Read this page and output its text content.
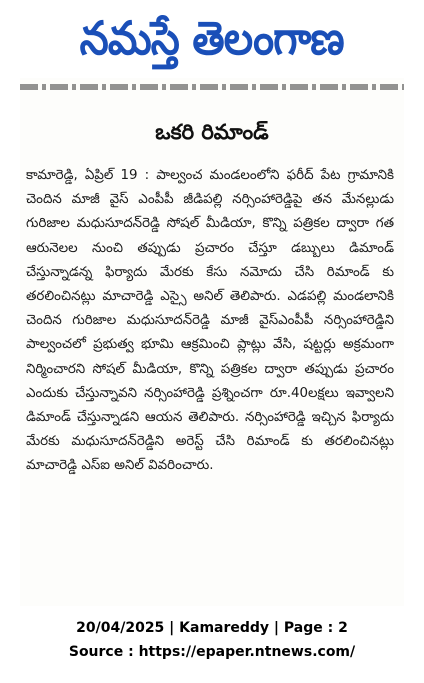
నమస్తే తెలంగాణ
ఒకరి రిమాండ్

కామారెడ్డి, ఏప్రిల్ 19 : పాల్వంచ మండలంలోని ఫరీద్ పేట గ్రామానికి చెందిన మాజీ వైస్ ఎంపీపీ జీడిపల్లి నర్సింహారెడ్డిపై తన మేనల్లుడు గురిజాల మధుసూదన్‌రెడ్డి సోషల్ మీడియా, కొన్ని పత్రికల ద్వారా గత ఆరునెలల నుంచి తప్పుడు ప్రచారం చేస్తూ డబ్బులు డిమాండ్ చేస్తున్నాడన్న ఫిర్యాదు మేరకు కేసు నమోదు చేసి రిమాండ్ కు తరలించినట్లు మాచారెడ్డి ఎస్సై అనిల్ తెలిపారు. ఎడపల్లి మండలానికి చెందిన గురిజాల మధుసూదన్‌రెడ్డి మాజీ వైస్‌ఎంపీపీ నర్సింహారెడ్డిని పాల్వంచలో ప్రభుత్వ భూమి ఆక్రమించి ప్లాట్లు వేసి, షట్టర్లు అక్రమంగా నిర్మించారని సోషల్ మీడియా, కొన్ని పత్రికల ద్వారా తప్పుడు ప్రచారం ఎందుకు చేస్తున్నావని నర్సింహారెడ్డి ప్రశ్నించగా రూ.40లక్షలు ఇవ్వాలని డిమాండ్ చేస్తున్నాడని ఆయన తెలిపారు. నర్సింహారెడ్డి ఇచ్చిన ఫిర్యాదు మేరకు మధుసూదన్‌రెడ్డిని అరెస్ట్ చేసి రిమాండ్ కు తరలించినట్లు మాచారెడ్డి ఎస్ఐ అనిల్ వివరించారు.

20/04/2025 | Kamareddy | Page : 2
Source : https://epaper.ntnews.com/
